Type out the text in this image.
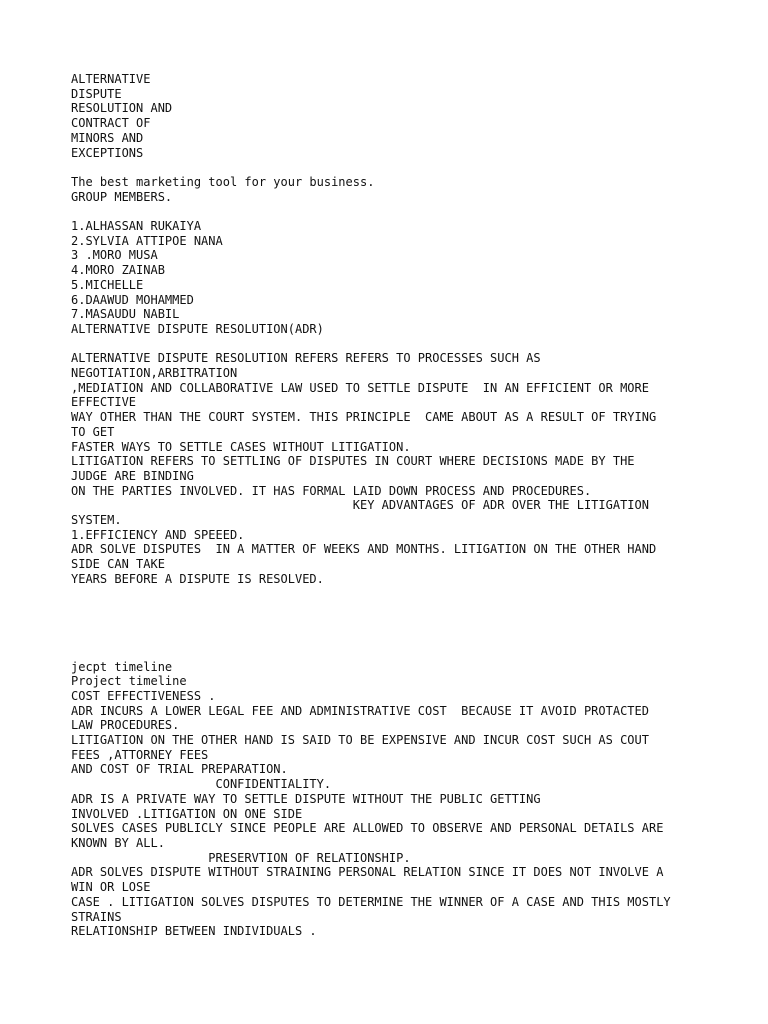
ALTERNATIVE
DISPUTE
RESOLUTION AND
CONTRACT OF
MINORS AND
EXCEPTIONS
The best marketing tool for your business.
GROUP MEMBERS.
1.ALHASSAN RUKAIYA
2.SYLVIA ATTIPOE NANA
3 .MORO MUSA
4.MORO ZAINAB
5.MICHELLE
6.DAAWUD MOHAMMED
7.MASAUDU NABIL
ALTERNATIVE DISPUTE RESOLUTION(ADR)
ALTERNATIVE DISPUTE RESOLUTION REFERS REFERS TO PROCESSES SUCH AS
NEGOTIATION,ARBITRATION
,MEDIATION AND COLLABORATIVE LAW USED TO SETTLE DISPUTE  IN AN EFFICIENT OR MORE
EFFECTIVE
WAY OTHER THAN THE COURT SYSTEM. THIS PRINCIPLE  CAME ABOUT AS A RESULT OF TRYING
TO GET
FASTER WAYS TO SETTLE CASES WITHOUT LITIGATION.
LITIGATION REFERS TO SETTLING OF DISPUTES IN COURT WHERE DECISIONS MADE BY THE
JUDGE ARE BINDING
ON THE PARTIES INVOLVED. IT HAS FORMAL LAID DOWN PROCESS AND PROCEDURES.
KEY ADVANTAGES OF ADR OVER THE LITIGATION
SYSTEM.
1.EFFICIENCY AND SPEEED.
ADR SOLVE DISPUTES  IN A MATTER OF WEEKS AND MONTHS. LITIGATION ON THE OTHER HAND
SIDE CAN TAKE
YEARS BEFORE A DISPUTE IS RESOLVED.
jecpt timeline
Project timeline
COST EFFECTIVENESS .
ADR INCURS A LOWER LEGAL FEE AND ADMINISTRATIVE COST  BECAUSE IT AVOID PROTACTED
LAW PROCEDURES.
LITIGATION ON THE OTHER HAND IS SAID TO BE EXPENSIVE AND INCUR COST SUCH AS COUT
FEES ,ATTORNEY FEES
AND COST OF TRIAL PREPARATION.
CONFIDENTIALITY.
ADR IS A PRIVATE WAY TO SETTLE DISPUTE WITHOUT THE PUBLIC GETTING
INVOLVED .LITIGATION ON ONE SIDE
SOLVES CASES PUBLICLY SINCE PEOPLE ARE ALLOWED TO OBSERVE AND PERSONAL DETAILS ARE
KNOWN BY ALL.
PRESERVTION OF RELATIONSHIP.
ADR SOLVES DISPUTE WITHOUT STRAINING PERSONAL RELATION SINCE IT DOES NOT INVOLVE A
WIN OR LOSE
CASE . LITIGATION SOLVES DISPUTES TO DETERMINE THE WINNER OF A CASE AND THIS MOSTLY
STRAINS
RELATIONSHIP BETWEEN INDIVIDUALS .
